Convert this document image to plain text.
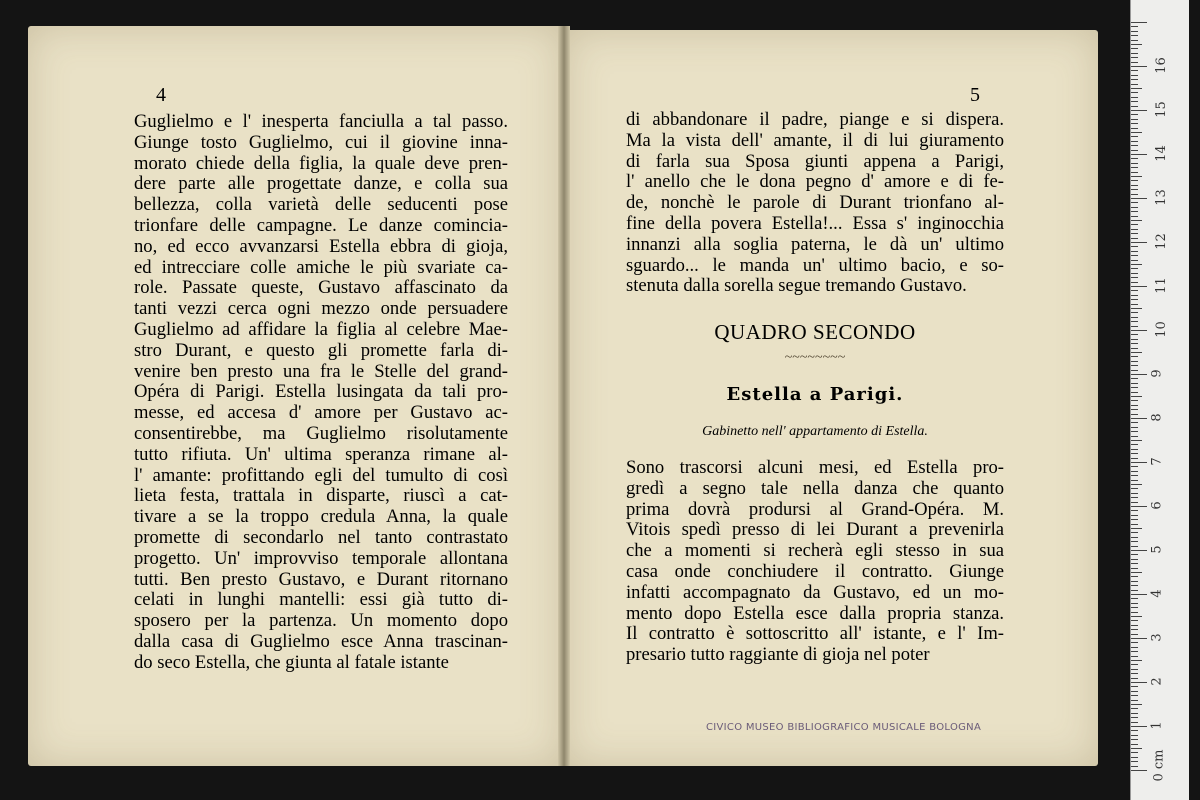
4	5
Guglielmo e l' inesperta fanciulla a tal passo.
Giunge tosto Guglielmo, cui il giovine inna-
morato chiede della figlia, la quale deve pren-
dere parte alle progettate danze, e colla sua
bellezza, colla varietà delle seducenti pose
trionfare delle campagne. Le danze comincia-
no, ed ecco avvanzarsi Estella ebbra di gioja,
ed intrecciare colle amiche le più svariate ca-
role. Passate queste, Gustavo affascinato da
tanti vezzi cerca ogni mezzo onde persuadere
Guglielmo ad affidare la figlia al celebre Mae-
stro Durant, e questo gli promette farla di-
venire ben presto una fra le Stelle del grand-
Opéra di Parigi. Estella lusingata da tali pro-
messe, ed accesa d' amore per Gustavo ac-
consentirebbe, ma Guglielmo risolutamente
tutto rifiuta. Un' ultima speranza rimane al-
l' amante: profittando egli del tumulto di così
lieta festa, trattala in disparte, riuscì a cat-
tivare a se la troppo credula Anna, la quale
promette di secondarlo nel tanto contrastato
progetto. Un' improvviso temporale allontana
tutti. Ben presto Gustavo, e Durant ritornano
celati in lunghi mantelli: essi già tutto di-
sposero per la partenza. Un momento dopo
dalla casa di Guglielmo esce Anna trascinan-
do seco Estella, che giunta al fatale istante
di abbandonare il padre, piange e si dispera.
Ma la vista dell' amante, il di lui giuramento
di farla sua Sposa giunti appena a Parigi,
l' anello che le dona pegno d' amore e di fe-
de, nonchè le parole di Durant trionfano al-
fine della povera Estella!... Essa s' inginocchia
innanzi alla soglia paterna, le dà un' ultimo
sguardo... le manda un' ultimo bacio, e so-
stenuta dalla sorella segue tremando Gustavo.
QUADRO SECONDO
~~~~~~~~
Estella a Parigi.
Gabinetto nell' appartamento di Estella.
Sono trascorsi alcuni mesi, ed Estella pro-
gredì a segno tale nella danza che quanto
prima dovrà prodursi al Grand-Opéra. M.
Vitois spedì presso di lei Durant a prevenirla
che a momenti si recherà egli stesso in sua
casa onde conchiudere il contratto. Giunge
infatti accompagnato da Gustavo, ed un mo-
mento dopo Estella esce dalla propria stanza.
Il contratto è sottoscritto all' istante, e l' Im-
presario tutto raggiante di gioja nel poter
CIVICO MUSEO BIBLIOGRAFICO MUSICALE BOLOGNA
0 cm
1
2
3
4
5
6
7
8
9
10
11
12
13
14
15
16
